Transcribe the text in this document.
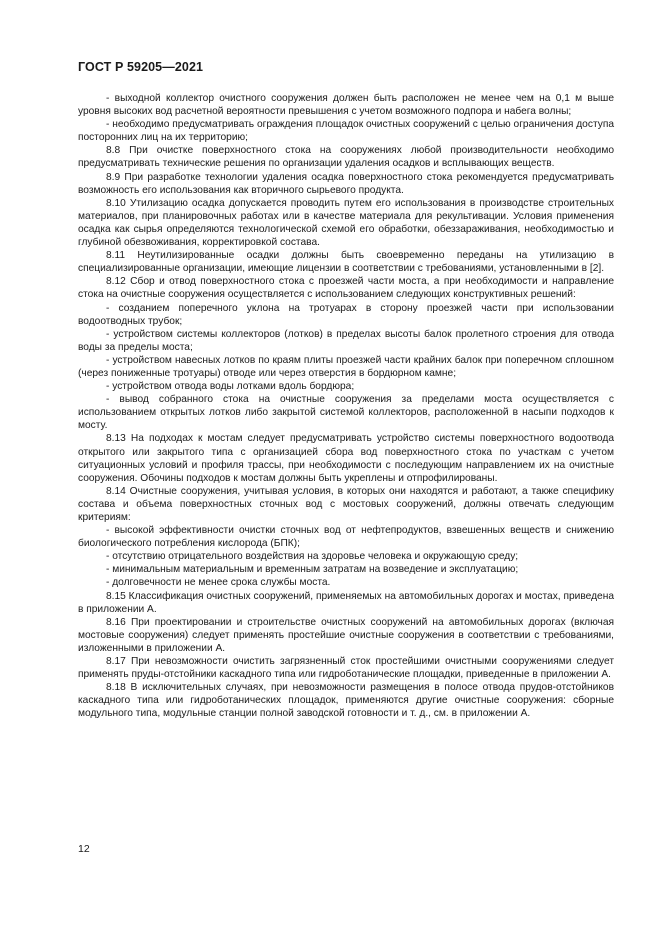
ГОСТ Р 59205—2021

- выходной коллектор очистного сооружения должен быть расположен не менее чем на 0,1 м выше уровня высоких вод расчетной вероятности превышения с учетом возможного подпора и набега волны;

- необходимо предусматривать ограждения площадок очистных сооружений с целью ограничения доступа посторонних лиц на их территорию;

8.8 При очистке поверхностного стока на сооружениях любой производительности необходимо предусматривать технические решения по организации удаления осадков и всплывающих веществ.

8.9 При разработке технологии удаления осадка поверхностного стока рекомендуется предусматривать возможность его использования как вторичного сырьевого продукта.

8.10 Утилизацию осадка допускается проводить путем его использования в производстве строительных материалов, при планировочных работах или в качестве материала для рекультивации. Условия применения осадка как сырья определяются технологической схемой его обработки, обеззараживания, необходимостью и глубиной обезвоживания, корректировкой состава.

8.11 Неутилизированные осадки должны быть своевременно переданы на утилизацию в специализированные организации, имеющие лицензии в соответствии с требованиями, установленными в [2].

8.12 Сбор и отвод поверхностного стока с проезжей части моста, а при необходимости и направление стока на очистные сооружения осуществляется с использованием следующих конструктивных решений:

- созданием поперечного уклона на тротуарах в сторону проезжей части при использовании водоотводных трубок;

- устройством системы коллекторов (лотков) в пределах высоты балок пролетного строения для отвода воды за пределы моста;

- устройством навесных лотков по краям плиты проезжей части крайних балок при поперечном сплошном (через пониженные тротуары) отводе или через отверстия в бордюрном камне;

- устройством отвода воды лотками вдоль бордюра;

- вывод собранного стока на очистные сооружения за пределами моста осуществляется с использованием открытых лотков либо закрытой системой коллекторов, расположенной в насыпи подходов к мосту.

8.13 На подходах к мостам следует предусматривать устройство системы поверхностного водоотвода открытого или закрытого типа с организацией сбора вод поверхностного стока по участкам с учетом ситуационных условий и профиля трассы, при необходимости с последующим направлением их на очистные сооружения. Обочины подходов к мостам должны быть укреплены и отпрофилированы.

8.14 Очистные сооружения, учитывая условия, в которых они находятся и работают, а также специфику состава и объема поверхностных сточных вод с мостовых сооружений, должны отвечать следующим критериям:

- высокой эффективности очистки сточных вод от нефтепродуктов, взвешенных веществ и снижению биологического потребления кислорода (БПК);

- отсутствию отрицательного воздействия на здоровье человека и окружающую среду;

- минимальным материальным и временным затратам на возведение и эксплуатацию;

- долговечности не менее срока службы моста.

8.15 Классификация очистных сооружений, применяемых на автомобильных дорогах и мостах, приведена в приложении А.

8.16 При проектировании и строительстве очистных сооружений на автомобильных дорогах (включая мостовые сооружения) следует применять простейшие очистные сооружения в соответствии с требованиями, изложенными в приложении А.

8.17 При невозможности очистить загрязненный сток простейшими очистными сооружениями следует применять пруды-отстойники каскадного типа или гидроботанические площадки, приведенные в приложении А.

8.18 В исключительных случаях, при невозможности размещения в полосе отвода прудов-отстойников каскадного типа или гидроботанических площадок, применяются другие очистные сооружения: сборные модульного типа, модульные станции полной заводской готовности и т. д., см. в приложении А.

12
